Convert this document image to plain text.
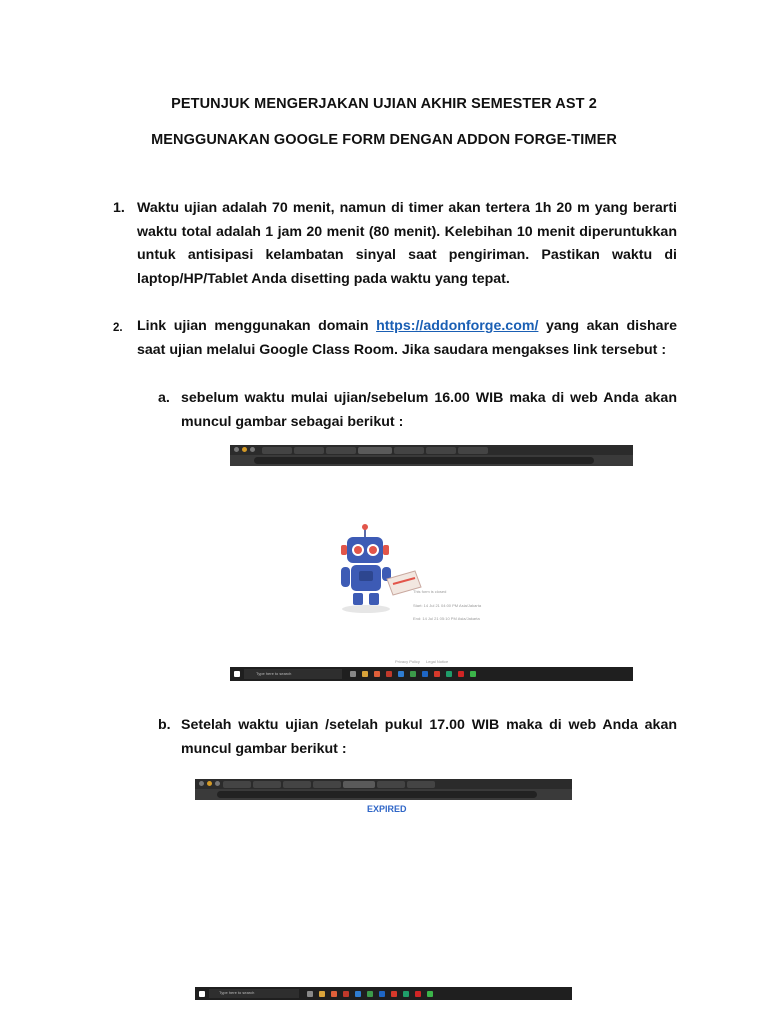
PETUNJUK MENGERJAKAN UJIAN AKHIR SEMESTER AST 2
MENGGUNAKAN GOOGLE FORM DENGAN ADDON FORGE-TIMER
1. Waktu ujian adalah 70 menit, namun di timer akan tertera 1h 20 m yang berarti waktu total adalah 1 jam 20 menit (80 menit). Kelebihan 10 menit diperuntukkan untuk antisipasi kelambatan sinyal saat pengiriman. Pastikan waktu di laptop/HP/Tablet Anda disetting pada waktu yang tepat.
2. Link ujian menggunakan domain https://addonforge.com/ yang akan dishare saat ujian melalui Google Class Room. Jika saudara mengakses link tersebut :
a. sebelum waktu mulai ujian/sebelum 16.00 WIB maka di web Anda akan muncul gambar sebagai berikut :
This form is closed
Start: 14 Jul 21 04:00 PM Asia/Jakarta
End: 14 Jul 21 05:10 PM Asia/Jakarta
Privacy Policy Legal Notice
Type here to search
b. Setelah waktu ujian /setelah pukul 17.00 WIB maka di web Anda akan muncul gambar berikut :
EXPIRED
Type here to search
